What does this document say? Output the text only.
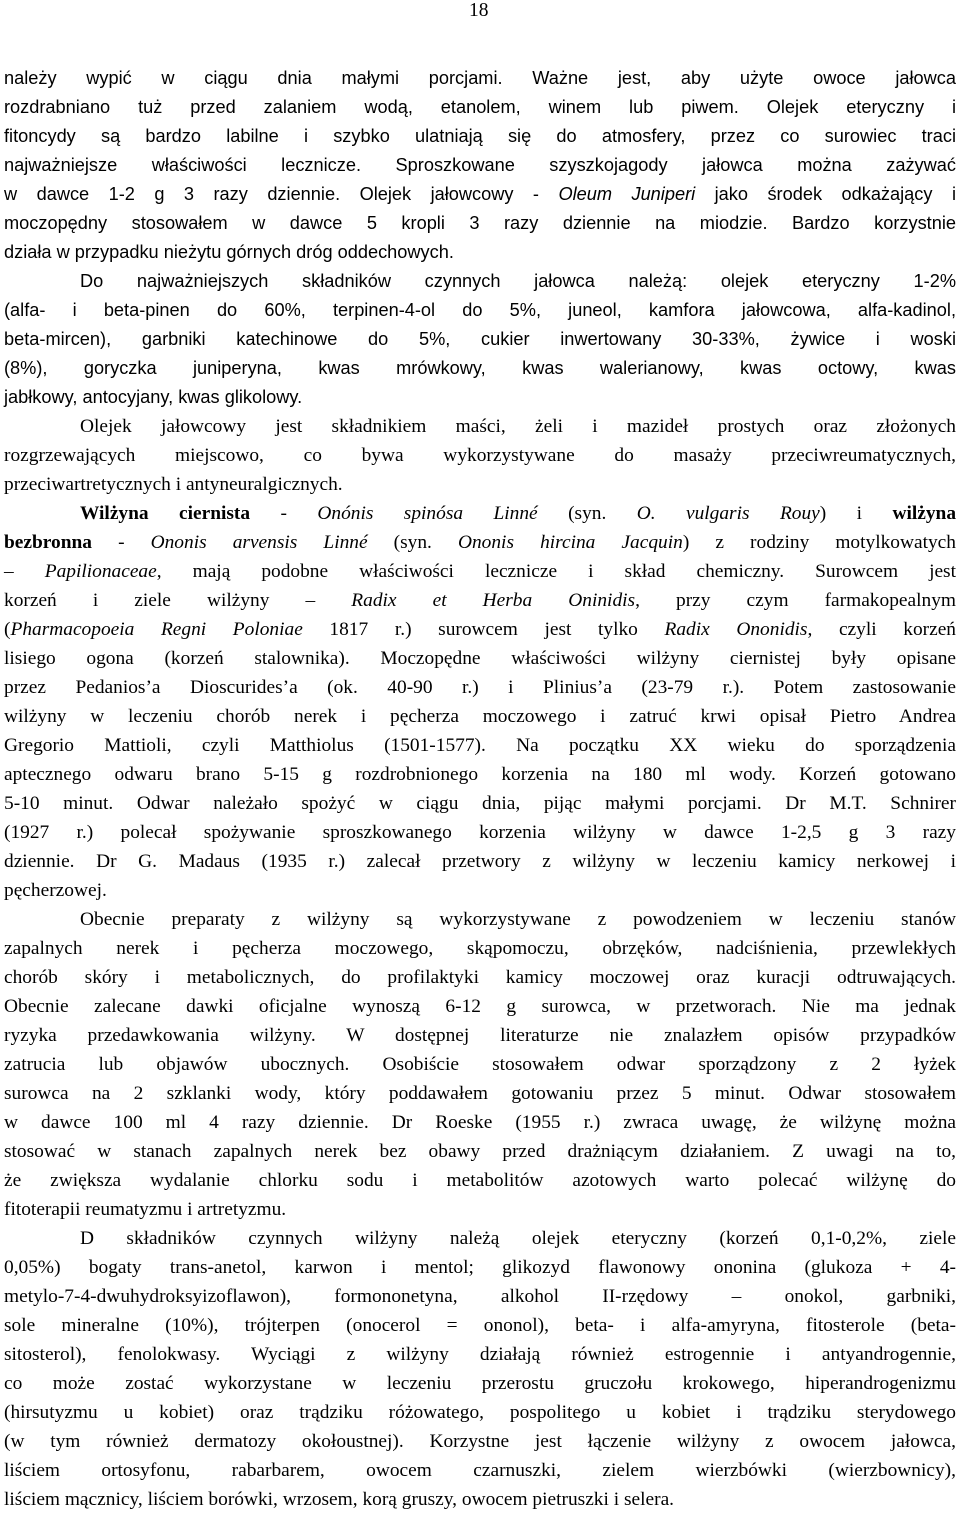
18

należy wypić w ciągu dnia małymi porcjami. Ważne jest, aby użyte owoce jałowca
rozdrabniano tuż przed zalaniem wodą, etanolem, winem lub piwem. Olejek eteryczny i
fitoncydy są bardzo labilne i szybko ulatniają się do atmosfery, przez co surowiec traci
najważniejsze właściwości lecznicze. Sproszkowane szyszkojagody jałowca można zażywać
w dawce 1-2 g 3 razy dziennie. Olejek jałowcowy - Oleum Juniperi jako środek odkażający i
moczopędny stosowałem w dawce 5 kropli 3 razy dziennie na miodzie. Bardzo korzystnie
działa w przypadku nieżytu górnych dróg oddechowych.

Do najważniejszych składników czynnych jałowca należą: olejek eteryczny 1-2%
(alfa- i beta-pinen do 60%, terpinen-4-ol do 5%, juneol, kamfora jałowcowa, alfa-kadinol,
beta-mircen), garbniki katechinowe do 5%, cukier inwertowany 30-33%, żywice i woski
(8%), goryczka juniperyna, kwas mrówkowy, kwas walerianowy, kwas octowy, kwas
jabłkowy, antocyjany, kwas glikolowy.

Olejek jałowcowy jest składnikiem maści, żeli i mazideł prostych oraz złożonych
rozgrzewających miejscowo, co bywa wykorzystywane do masaży przeciwreumatycznych,
przeciwartretycznych i antyneuralgicznych.

Wilżyna ciernista - Onónis spinósa Linné (syn. O. vulgaris Rouy) i wilżyna
bezbronna - Ononis arvensis Linné (syn. Ononis hircina Jacquin) z rodziny motylkowatych
– Papilionaceae, mają podobne właściwości lecznicze i skład chemiczny. Surowcem jest
korzeń i ziele wilżyny – Radix et Herba Oninidis, przy czym farmakopealnym
(Pharmacopoeia Regni Poloniae 1817 r.) surowcem jest tylko Radix Ononidis, czyli korzeń
lisiego ogona (korzeń stalownika). Moczopędne właściwości wilżyny ciernistej były opisane
przez Pedanios’a Dioscurides’a (ok. 40-90 r.) i Plinius’a (23-79 r.). Potem zastosowanie
wilżyny w leczeniu chorób nerek i pęcherza moczowego i zatruć krwi opisał Pietro Andrea
Gregorio Mattioli, czyli Matthiolus (1501-1577). Na początku XX wieku do sporządzenia
aptecznego odwaru brano 5-15 g rozdrobnionego korzenia na 180 ml wody. Korzeń gotowano
5-10 minut. Odwar należało spożyć w ciągu dnia, pijąc małymi porcjami. Dr M.T. Schnirer
(1927 r.) polecał spożywanie sproszkowanego korzenia wilżyny w dawce 1-2,5 g 3 razy
dziennie. Dr G. Madaus (1935 r.) zalecał przetwory z wilżyny w leczeniu kamicy nerkowej i
pęcherzowej.

Obecnie preparaty z wilżyny są wykorzystywane z powodzeniem w leczeniu stanów
zapalnych nerek i pęcherza moczowego, skąpomoczu, obrzęków, nadciśnienia, przewlekłych
chorób skóry i metabolicznych, do profilaktyki kamicy moczowej oraz kuracji odtruwających.
Obecnie zalecane dawki oficjalne wynoszą 6-12 g surowca, w przetworach. Nie ma jednak
ryzyka przedawkowania wilżyny. W dostępnej literaturze nie znalazłem opisów przypadków
zatrucia lub objawów ubocznych. Osobiście stosowałem odwar sporządzony z 2 łyżek
surowca na 2 szklanki wody, który poddawałem gotowaniu przez 5 minut. Odwar stosowałem
w dawce 100 ml 4 razy dziennie. Dr Roeske (1955 r.) zwraca uwagę, że wilżynę można
stosować w stanach zapalnych nerek bez obawy przed drażniącym działaniem. Z uwagi na to,
że zwiększa wydalanie chlorku sodu i metabolitów azotowych warto polecać wilżynę do
fitoterapii reumatyzmu i artretyzmu.

D składników czynnych wilżyny należą olejek eteryczny (korzeń 0,1-0,2%, ziele
0,05%) bogaty trans-anetol, karwon i mentol; glikozyd flawonowy ononina (glukoza + 4-
metylo-7-4-dwuhydroksyizoflawon), formononetyna, alkohol II-rzędowy – onokol, garbniki,
sole mineralne (10%), trójterpen (onocerol = ononol), beta- i alfa-amyryna, fitosterole (beta-
sitosterol), fenolokwasy. Wyciągi z wilżyny działają również estrogennie i antyandrogennie,
co może zostać wykorzystane w leczeniu przerostu gruczołu krokowego, hiperandrogenizmu
(hirsutyzmu u kobiet) oraz trądziku różowatego, pospolitego u kobiet i trądziku sterydowego
(w tym również dermatozy okołoustnej). Korzystne jest łączenie wilżyny z owocem jałowca,
liściem ortosyfonu, rabarbarem, owocem czarnuszki, zielem wierzbówki (wierzbownicy),
liściem mącznicy, liściem borówki, wrzosem, korą gruszy, owocem pietruszki i selera.
